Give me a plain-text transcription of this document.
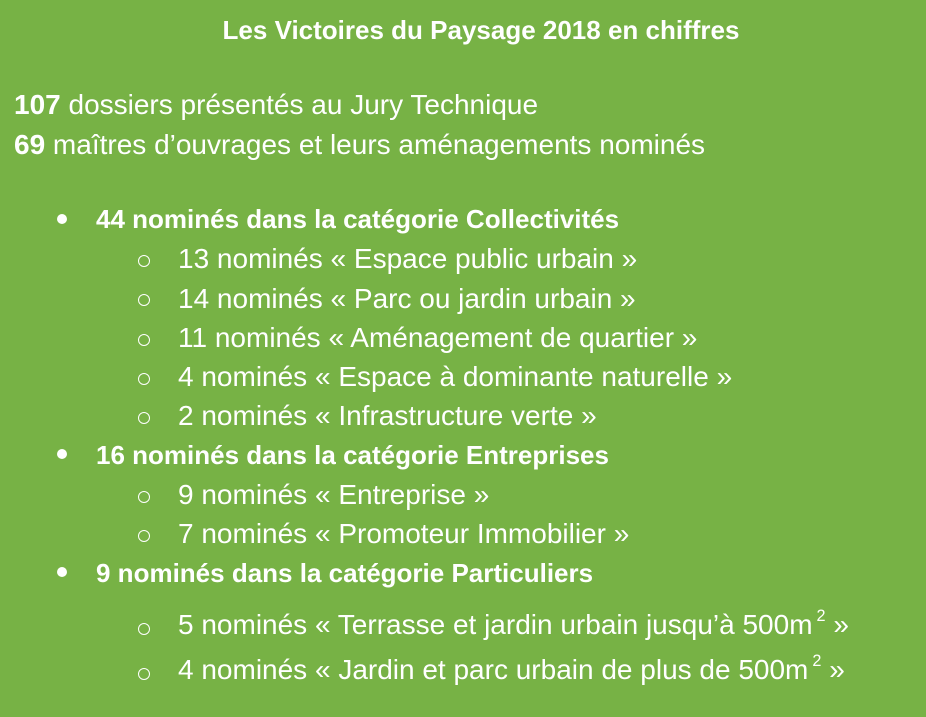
Les Victoires du Paysage 2018 en chiffres
107 dossiers présentés au Jury Technique
69 maîtres d’ouvrages et leurs aménagements nominés
44 nominés dans la catégorie Collectivités
13 nominés « Espace public urbain »
14 nominés « Parc ou jardin urbain »
11 nominés « Aménagement de quartier »
4 nominés « Espace à dominante naturelle »
2 nominés « Infrastructure verte »
16 nominés dans la catégorie Entreprises
9 nominés « Entreprise »
7 nominés « Promoteur Immobilier »
9 nominés dans la catégorie Particuliers
5 nominés « Terrasse et jardin urbain jusqu’à 500m $^2$ »
4 nominés « Jardin et parc urbain de plus de 500m $^2$ »
